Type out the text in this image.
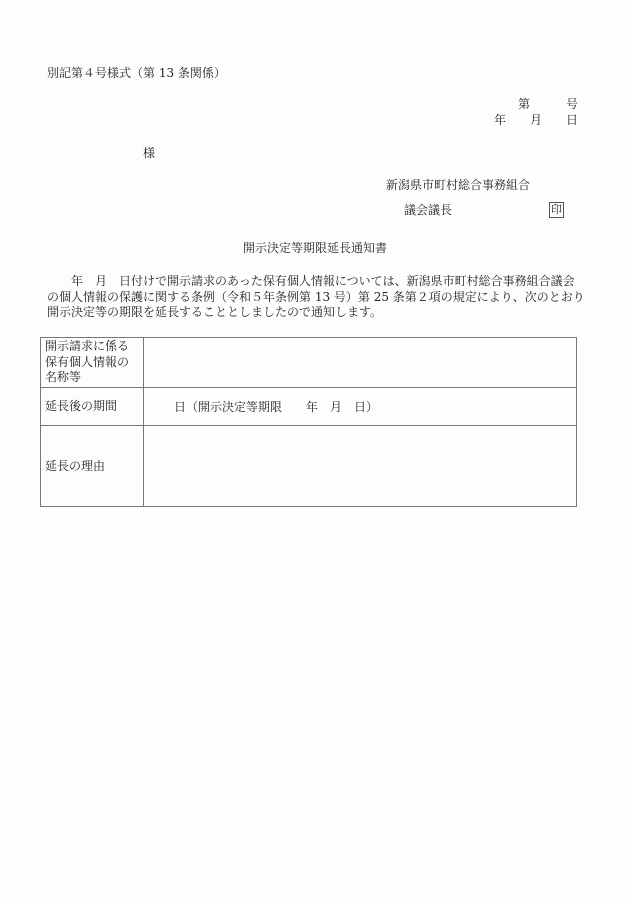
別記第４号様式（第 13 条関係）
第	号
年 月 日
様
新潟県市町村総合事務組合
議会議長	印
開示決定等期限延長通知書
　　年　月　日付けで開示請求のあった保有個人情報については、新潟県市町村総合事務組合議会
の個人情報の保護に関する条例（令和５年条例第 13 号）第 25 条第２項の規定により、次のとおり
開示決定等の期限を延長することとしましたので通知します。
開示請求に係る
保有個人情報の
名称等	

延長後の期間	日（開示決定等期限　　年　月　日）

延長の理由	
